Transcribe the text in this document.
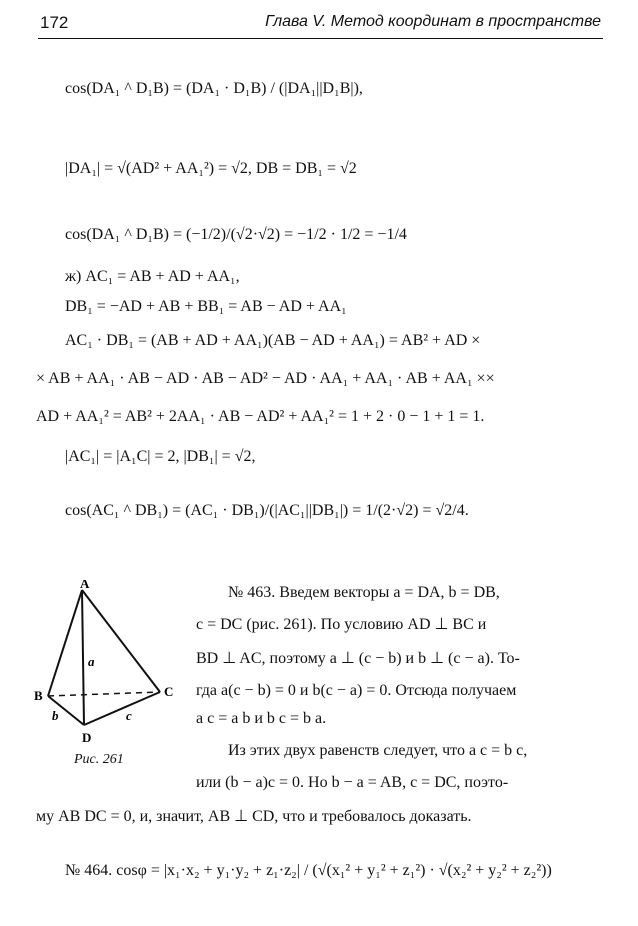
172	Глава V. Метод координат в пространстве
cos(DA₁ ^ D₁B) = (DA₁ · D₁B) / (|DA₁||D₁B|),
|DA₁| = √(AD² + AA₁²) = √2, DB = DB₁ = √2
cos(DA₁ ^ D₁B) = (−1/2)/(√2·√2) = −1/2 · 1/2 = −1/4
ж) AC₁ = AB + AD + AA₁,
DB₁ = −AD + AB + BB₁ = AB − AD + AA₁
AC₁ · DB₁ = (AB + AD + AA₁)(AB − AD + AA₁) = AB² + AD ×
× AB + AA₁ · AB − AD · AB − AD² − AD · AA₁ + AA₁ · AB + AA₁ ××
AD + AA₁² = AB² + 2AA₁ · AB − AD² + AA₁² = 1 + 2 · 0 − 1 + 1 = 1.
|AC₁| = |A₁C| = 2, |DB₁| = √2,
cos(AC₁ ^ DB₁) = (AC₁ · DB₁)/(|AC₁||DB₁|) = 1/(2·√2) = √2/4.
A
B	C
D
a
b	c
Рис. 261
№ 463. Введем векторы a = DA, b = DB,
c = DC (рис. 261). По условию AD ⊥ BC и
BD ⊥ AC, поэтому a ⊥ (c − b) и b ⊥ (c − a). То-
гда a(c − b) = 0 и b(c − a) = 0. Отсюда получаем
a c = a b и b c = b a.
Из этих двух равенств следует, что a c = b c,
или (b − a)c = 0. Но b − a = AB, c = DC, поэто-
му AB DC = 0, и, значит, AB ⊥ CD, что и требовалось доказать.
№ 464. cosφ = |x₁·x₂ + y₁·y₂ + z₁·z₂| / (√(x₁² + y₁² + z₁²) · √(x₂² + y₂² + z₂²))
